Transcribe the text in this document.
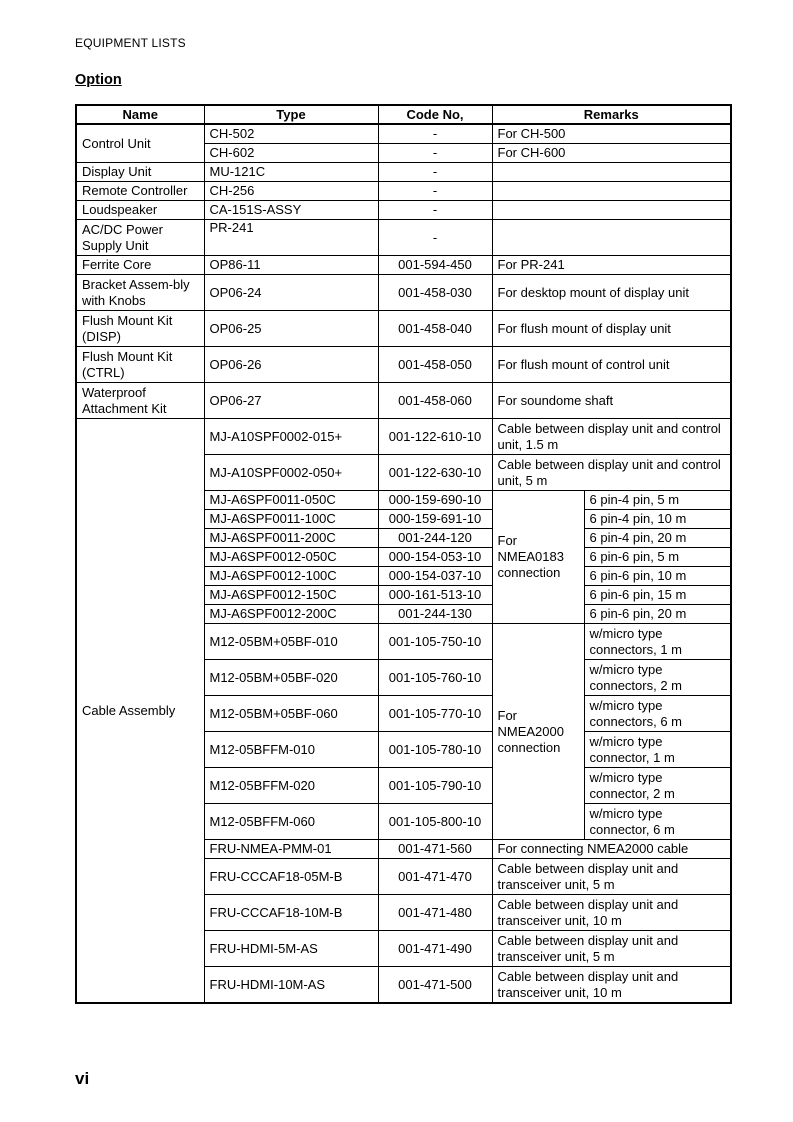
EQUIPMENT LISTS
Option
Name	Type	Code No,	Remarks	
Control Unit	CH-502	-	For CH-500	
	CH-602	-	For CH-600	
Display Unit	MU-121C	-		
Remote Controller	CH-256	-		
Loudspeaker	CA-151S-ASSY	-		
AC/DC Power Supply Unit	PR-241	-		
Ferrite Core	OP86-11	001-594-450	For PR-241	
Bracket Assem-bly with Knobs	OP06-24	001-458-030	For desktop mount of display unit	
Flush Mount Kit (DISP)	OP06-25	001-458-040	For flush mount of display unit	
Flush Mount Kit (CTRL)	OP06-26	001-458-050	For flush mount of control unit	
Waterproof Attachment Kit	OP06-27	001-458-060	For soundome shaft	
Cable Assembly	MJ-A10SPF0002-015+	001-122-610-10	Cable between display unit and control unit, 1.5 m	
	MJ-A10SPF0002-050+	001-122-630-10	Cable between display unit and control unit, 5 m	
	MJ-A6SPF0011-050C	000-159-690-10	For NMEA0183 connection	6 pin-4 pin, 5 m
	MJ-A6SPF0011-100C	000-159-691-10		6 pin-4 pin, 10 m
	MJ-A6SPF0011-200C	001-244-120		6 pin-4 pin, 20 m
	MJ-A6SPF0012-050C	000-154-053-10		6 pin-6 pin, 5 m
	MJ-A6SPF0012-100C	000-154-037-10		6 pin-6 pin, 10 m
	MJ-A6SPF0012-150C	000-161-513-10		6 pin-6 pin, 15 m
	MJ-A6SPF0012-200C	001-244-130		6 pin-6 pin, 20 m
	M12-05BM+05BF-010	001-105-750-10	For NMEA2000 connection	w/micro type connectors, 1 m
	M12-05BM+05BF-020	001-105-760-10		w/micro type connectors, 2 m
	M12-05BM+05BF-060	001-105-770-10		w/micro type connectors, 6 m
	M12-05BFFM-010	001-105-780-10		w/micro type connector, 1 m
	M12-05BFFM-020	001-105-790-10		w/micro type connector, 2 m
	M12-05BFFM-060	001-105-800-10		w/micro type connector, 6 m
	FRU-NMEA-PMM-01	001-471-560	For connecting NMEA2000 cable	
	FRU-CCCAF18-05M-B	001-471-470	Cable between display unit and transceiver unit, 5 m	
	FRU-CCCAF18-10M-B	001-471-480	Cable between display unit and transceiver unit, 10 m	
	FRU-HDMI-5M-AS	001-471-490	Cable between display unit and transceiver unit, 5 m	
	FRU-HDMI-10M-AS	001-471-500	Cable between display unit and transceiver unit, 10 m	
vi
